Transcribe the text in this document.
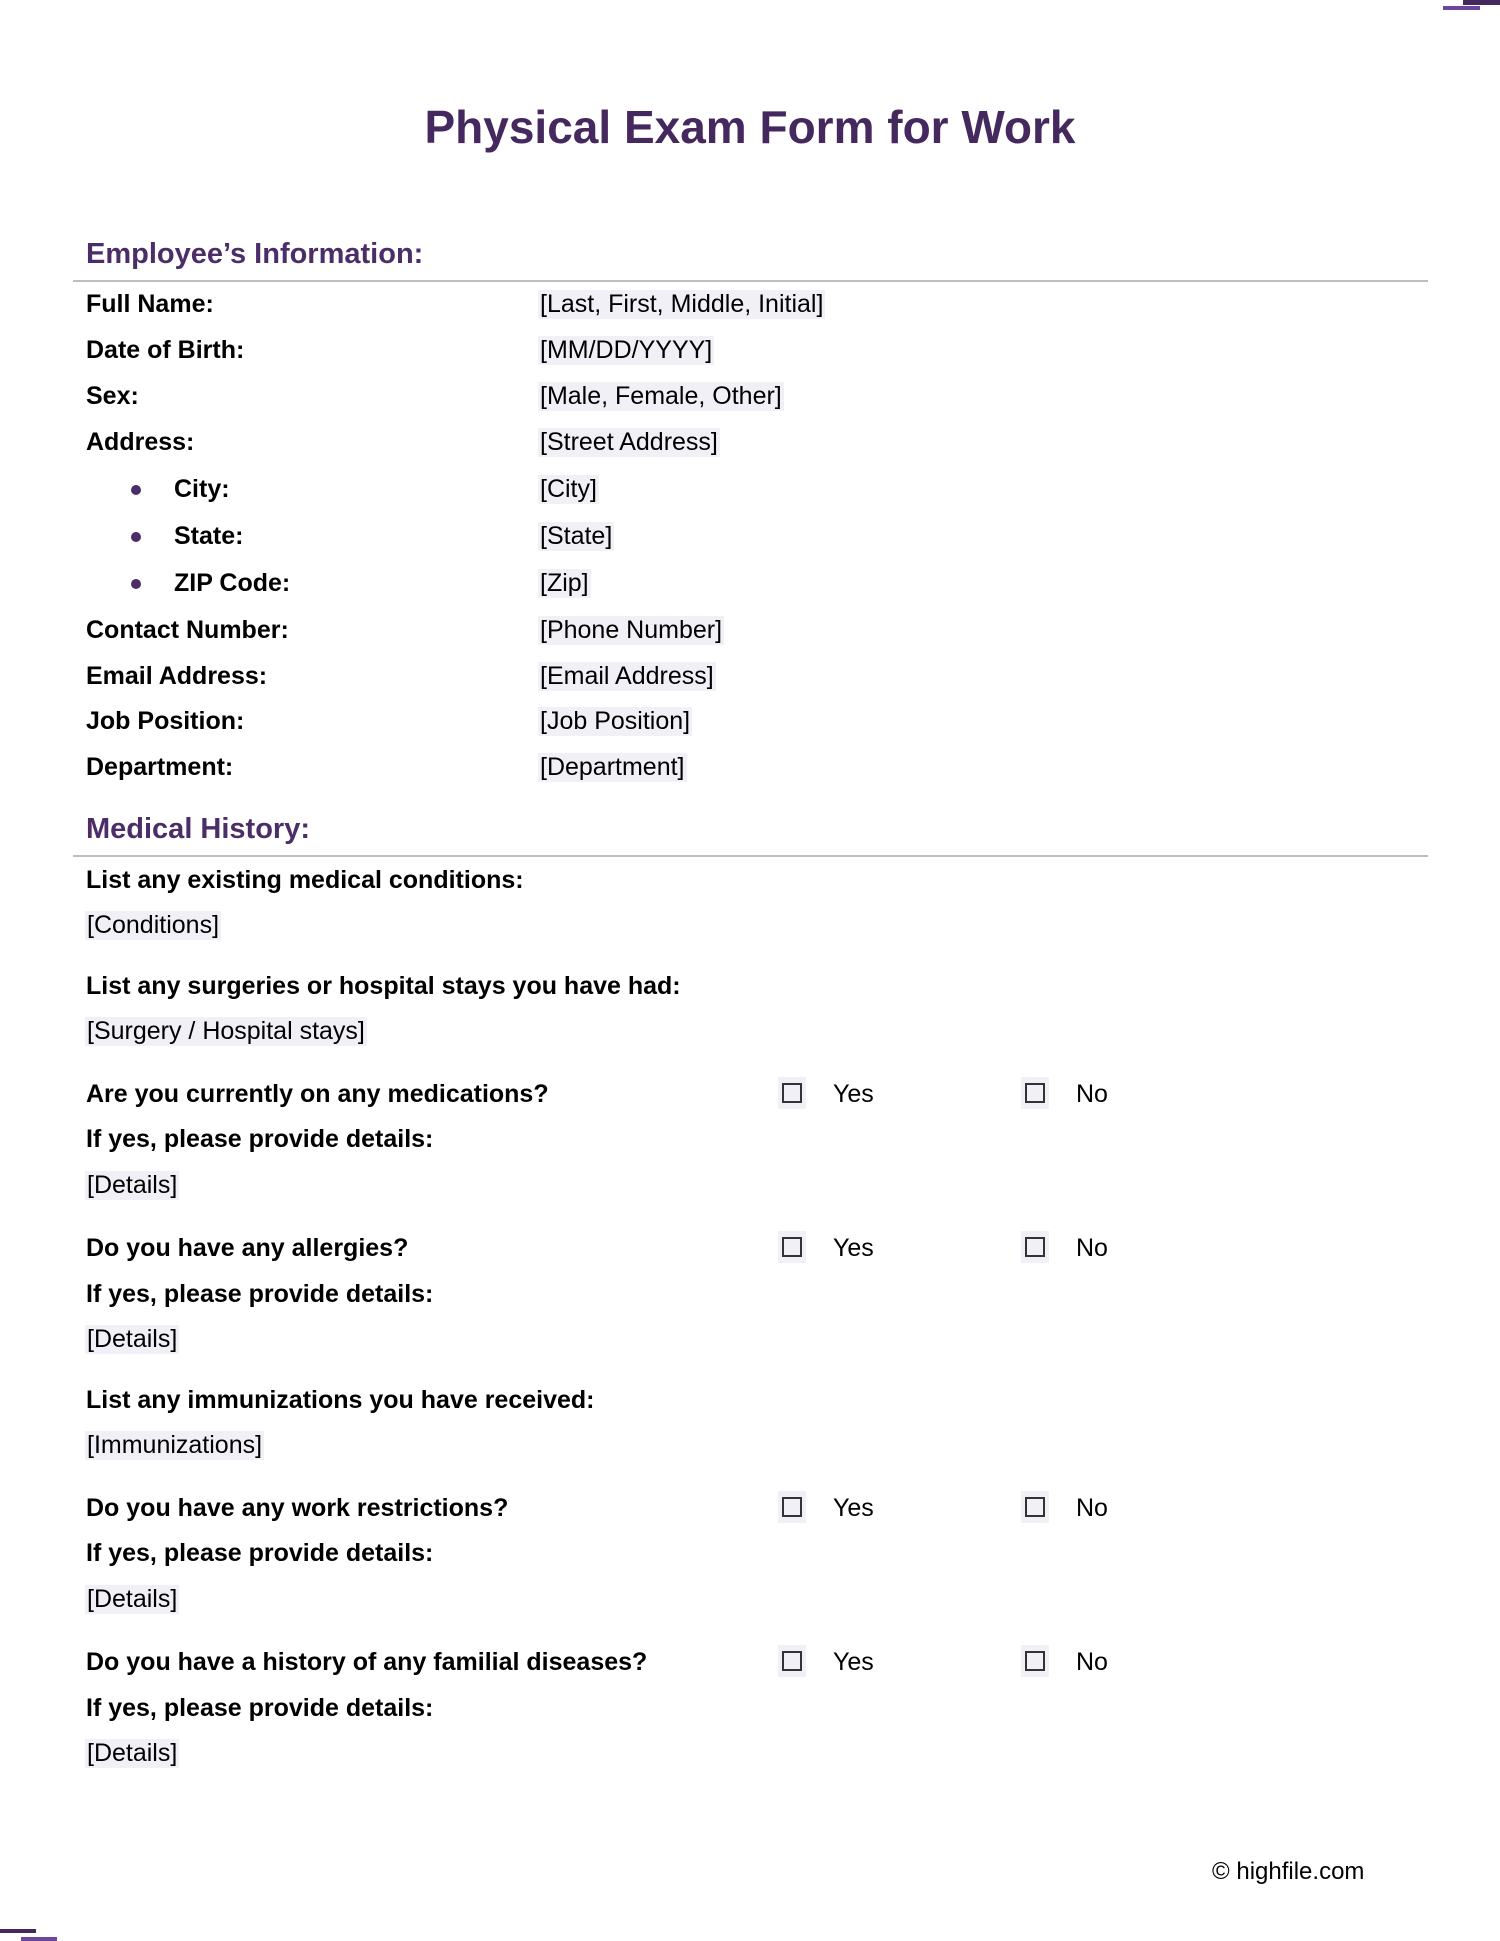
Physical Exam Form for Work
Employee’s Information:
Full Name:	[Last, First, Middle, Initial]
Date of Birth:	[MM/DD/YYYY]
Sex:	[Male, Female, Other]
Address:	[Street Address]
City:	[City]
State:	[State]
ZIP Code:	[Zip]
Contact Number:	[Phone Number]
Email Address:	[Email Address]
Job Position:	[Job Position]
Department:	[Department]
Medical History:
List any existing medical conditions:
[Conditions]
List any surgeries or hospital stays you have had:
[Surgery / Hospital stays]
Are you currently on any medications?	Yes	No
If yes, please provide details:
[Details]
Do you have any allergies?	Yes	No
If yes, please provide details:
[Details]
List any immunizations you have received:
[Immunizations]
Do you have any work restrictions?	Yes	No
If yes, please provide details:
[Details]
Do you have a history of any familial diseases?	Yes	No
If yes, please provide details:
[Details]
© highfile.com
